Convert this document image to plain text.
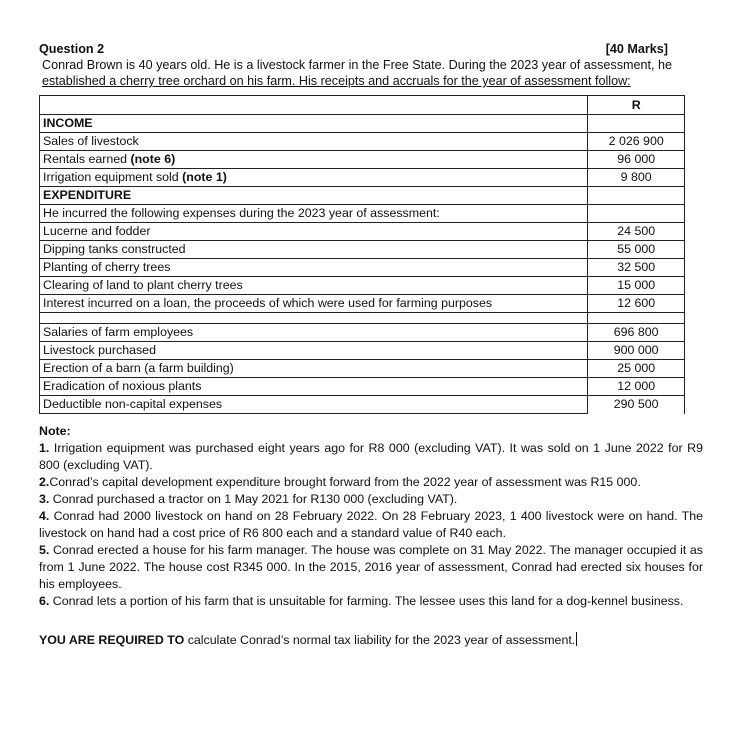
Question 2	[40 Marks]
Conrad Brown is 40 years old. He is a livestock farmer in the Free State. During the 2023 year of assessment, he
established a cherry tree orchard on his farm. His receipts and accruals for the year of assessment follow:
	R
INCOME	
Sales of livestock	2 026 900
Rentals earned (note 6)	96 000
Irrigation equipment sold (note 1)	9 800
EXPENDITURE	
He incurred the following expenses during the 2023 year of assessment:	
Lucerne and fodder	24 500
Dipping tanks constructed	55 000
Planting of cherry trees	32 500
Clearing of land to plant cherry trees	15 000
Interest incurred on a loan, the proceeds of which were used for farming purposes	12 600

Salaries of farm employees	696 800
Livestock purchased	900 000
Erection of a barn (a farm building)	25 000
Eradication of noxious plants	12 000
Deductible non-capital expenses	290 500

Note:

1. Irrigation equipment was purchased eight years ago for R8 000 (excluding VAT). It was sold on 1 June 2022 for R9 800 (excluding VAT).

2.Conrad’s capital development expenditure brought forward from the 2022 year of assessment was R15 000.

3. Conrad purchased a tractor on 1 May 2021 for R130 000 (excluding VAT).

4. Conrad had 2000 livestock on hand on 28 February 2022. On 28 February 2023, 1 400 livestock were on hand. The livestock on hand had a cost price of R6 800 each and a standard value of R40 each.

5. Conrad erected a house for his farm manager. The house was complete on 31 May 2022. The manager occupied it as from 1 June 2022. The house cost R345 000. In the 2015, 2016 year of assessment, Conrad had erected six houses for his employees.

6. Conrad lets a portion of his farm that is unsuitable for farming. The lessee uses this land for a dog-kennel business.

YOU ARE REQUIRED TO calculate Conrad’s normal tax liability for the 2023 year of assessment.
